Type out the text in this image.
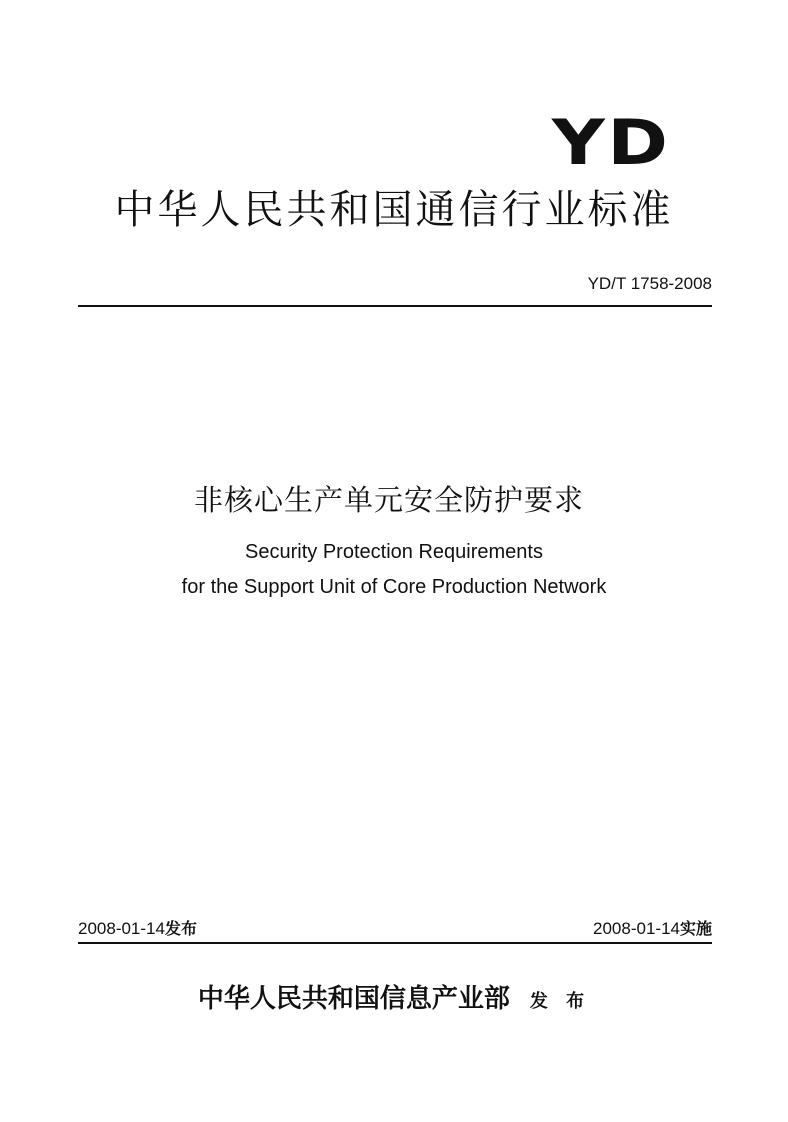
YD
中华人民共和国通信行业标准
YD/T 1758-2008
非核心生产单元安全防护要求
Security Protection Requirements
for the Support Unit of Core Production Network
2008-01-14发布	2008-01-14实施
中华人民共和国信息产业部 发 布
